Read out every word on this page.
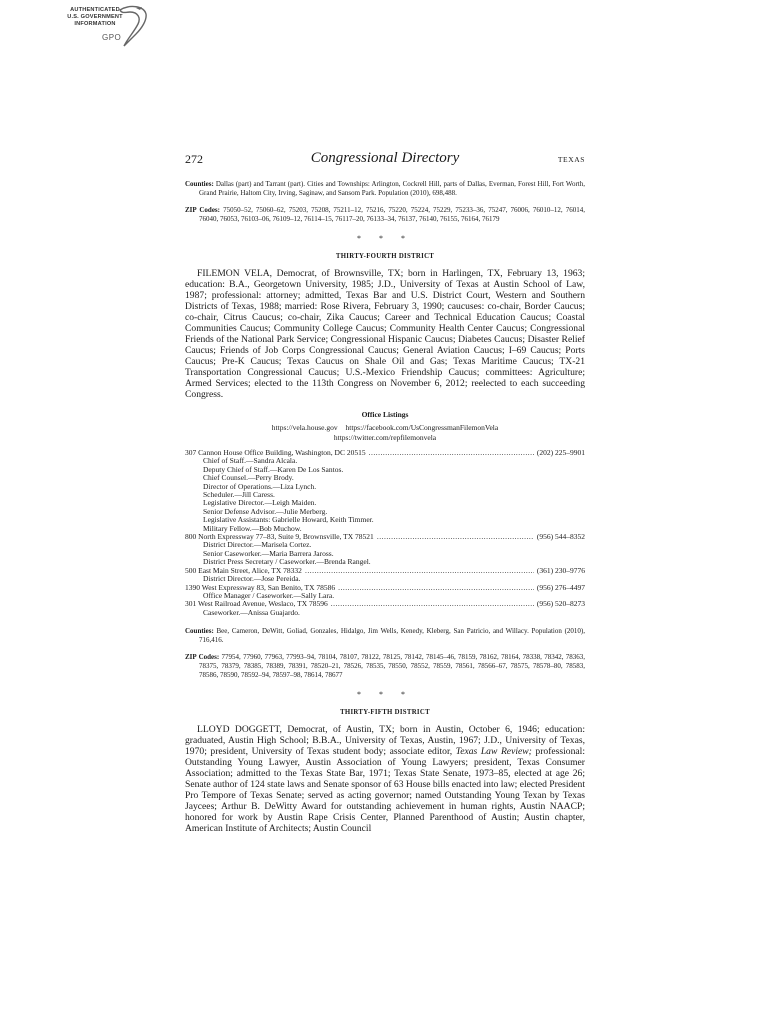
AUTHENTICATED
U.S. GOVERNMENT
INFORMATION
GPO
272	Congressional Directory	TEXAS
Counties: Dallas (part) and Tarrant (part). Cities and Townships: Arlington, Cockrell Hill, parts of Dallas, Everman, Forest Hill, Fort Worth, Grand Prairie, Haltom City, Irving, Saginaw, and Sansom Park. Population (2010), 698,488.
ZIP Codes: 75050–52, 75060–62, 75203, 75208, 75211–12, 75216, 75220, 75224, 75229, 75233–36, 75247, 76006, 76010–12, 76014, 76040, 76053, 76103–06, 76109–12, 76114–15, 76117–20, 76133–34, 76137, 76140, 76155, 76164, 76179
* * *
THIRTY-FOURTH DISTRICT

FILEMON VELA, Democrat, of Brownsville, TX; born in Harlingen, TX, February 13, 1963; education: B.A., Georgetown University, 1985; J.D., University of Texas at Austin School of Law, 1987; professional: attorney; admitted, Texas Bar and U.S. District Court, Western and Southern Districts of Texas, 1988; married: Rose Rivera, February 3, 1990; caucuses: co-chair, Border Caucus; co-chair, Citrus Caucus; co-chair, Zika Caucus; Career and Technical Education Caucus; Coastal Communities Caucus; Community College Caucus; Community Health Center Caucus; Congressional Friends of the National Park Service; Congressional Hispanic Caucus; Diabetes Caucus; Disaster Relief Caucus; Friends of Job Corps Congressional Caucus; General Aviation Caucus; I–69 Caucus; Ports Caucus; Pre-K Caucus; Texas Caucus on Shale Oil and Gas; Texas Maritime Caucus; TX-21 Transportation Congressional Caucus; U.S.-Mexico Friendship Caucus; committees: Agriculture; Armed Services; elected to the 113th Congress on November 6, 2012; reelected to each succeeding Congress.

Office Listings
https://vela.house.gov https://facebook.com/UsCongressmanFilemonVela
https://twitter.com/repfilemonvela
307 Cannon House Office Building, Washington, DC 20515 .....	(202) 225–9901
Chief of Staff.—Sandra Alcala.
Deputy Chief of Staff.—Karen De Los Santos.
Chief Counsel.—Perry Brody.
Director of Operations.—Liza Lynch.
Scheduler.—Jill Caress.
Legislative Director.—Leigh Maiden.
Senior Defense Advisor.—Julie Merberg.
Legislative Assistants: Gabrielle Howard, Keith Timmer.
Military Fellow.—Bob Muchow.
800 North Expressway 77–83, Suite 9, Brownsville, TX 78521 .....	(956) 544–8352
District Director.—Marisela Cortez.
Senior Caseworker.—Maria Barrera Jaross.
District Press Secretary / Caseworker.—Brenda Rangel.
500 East Main Street, Alice, TX 78332 .....	(361) 230–9776
District Director.—Jose Pereida.
1390 West Expressway 83, San Benito, TX 78586 .....	(956) 276–4497
Office Manager / Caseworker.—Sally Lara.
301 West Railroad Avenue, Weslaco, TX 78596 .....	(956) 520–8273
Caseworker.—Anissa Guajardo.
Counties: Bee, Cameron, DeWitt, Goliad, Gonzales, Hidalgo, Jim Wells, Kenedy, Kleberg, San Patricio, and Willacy. Population (2010), 716,416.
ZIP Codes: 77954, 77960, 77963, 77993–94, 78104, 78107, 78122, 78125, 78142, 78145–46, 78159, 78162, 78164, 78338, 78342, 78363, 78375, 78379, 78385, 78389, 78391, 78520–21, 78526, 78535, 78550, 78552, 78559, 78561, 78566–67, 78575, 78578–80, 78583, 78586, 78590, 78592–94, 78597–98, 78614, 78677
* * *
THIRTY-FIFTH DISTRICT

LLOYD DOGGETT, Democrat, of Austin, TX; born in Austin, October 6, 1946; education: graduated, Austin High School; B.B.A., University of Texas, Austin, 1967; J.D., University of Texas, 1970; president, University of Texas student body; associate editor, Texas Law Review; professional: Outstanding Young Lawyer, Austin Association of Young Lawyers; president, Texas Consumer Association; admitted to the Texas State Bar, 1971; Texas State Senate, 1973–85, elected at age 26; Senate author of 124 state laws and Senate sponsor of 63 House bills enacted into law; elected President Pro Tempore of Texas Senate; served as acting governor; named Outstanding Young Texan by Texas Jaycees; Arthur B. DeWitty Award for outstanding achievement in human rights, Austin NAACP; honored for work by Austin Rape Crisis Center, Planned Parenthood of Austin; Austin chapter, American Institute of Architects; Austin Council
